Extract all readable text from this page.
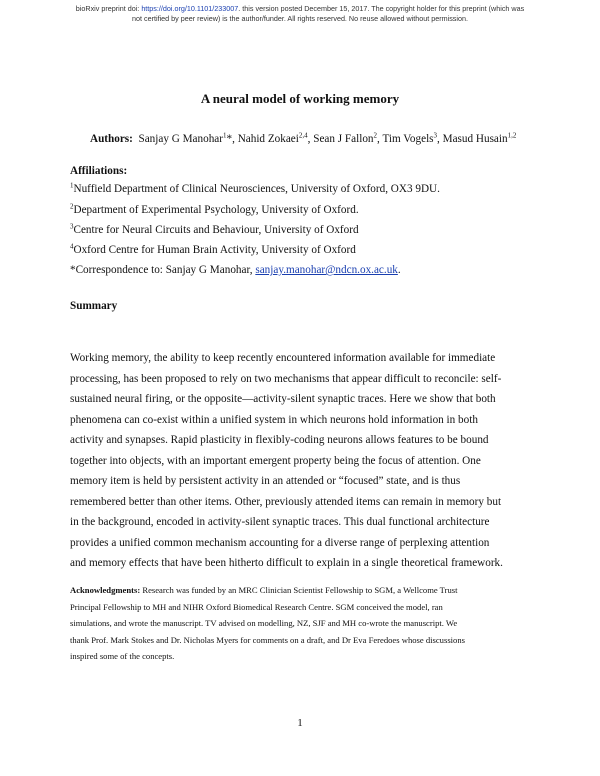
bioRxiv preprint doi: https://doi.org/10.1101/233007. this version posted December 15, 2017. The copyright holder for this preprint (which was
not certified by peer review) is the author/funder. All rights reserved. No reuse allowed without permission.
A neural model of working memory
Authors: Sanjay G Manohar$^1$*, Nahid Zokaei$^{2,4}$, Sean J Fallon$^2$, Tim Vogels$^3$, Masud Husain$^{1,2}$
Affiliations:
$^1$Nuffield Department of Clinical Neurosciences, University of Oxford, OX3 9DU.
$^2$Department of Experimental Psychology, University of Oxford.
$^3$Centre for Neural Circuits and Behaviour, University of Oxford
$^4$Oxford Centre for Human Brain Activity, University of Oxford
*Correspondence to: Sanjay G Manohar, sanjay.manohar@ndcn.ox.ac.uk.
Summary
Working memory, the ability to keep recently encountered information available for immediate
processing, has been proposed to rely on two mechanisms that appear difficult to reconcile: self-
sustained neural firing, or the opposite—activity-silent synaptic traces. Here we show that both
phenomena can co-exist within a unified system in which neurons hold information in both
activity and synapses. Rapid plasticity in flexibly-coding neurons allows features to be bound
together into objects, with an important emergent property being the focus of attention. One
memory item is held by persistent activity in an attended or “focused” state, and is thus
remembered better than other items. Other, previously attended items can remain in memory but
in the background, encoded in activity-silent synaptic traces. This dual functional architecture
provides a unified common mechanism accounting for a diverse range of perplexing attention
and memory effects that have been hitherto difficult to explain in a single theoretical framework.
Acknowledgments: Research was funded by an MRC Clinician Scientist Fellowship to SGM, a Wellcome Trust
Principal Fellowship to MH and NIHR Oxford Biomedical Research Centre. SGM conceived the model, ran
simulations, and wrote the manuscript. TV advised on modelling, NZ, SJF and MH co-wrote the manuscript. We
thank Prof. Mark Stokes and Dr. Nicholas Myers for comments on a draft, and Dr Eva Feredoes whose discussions
inspired some of the concepts.
1
